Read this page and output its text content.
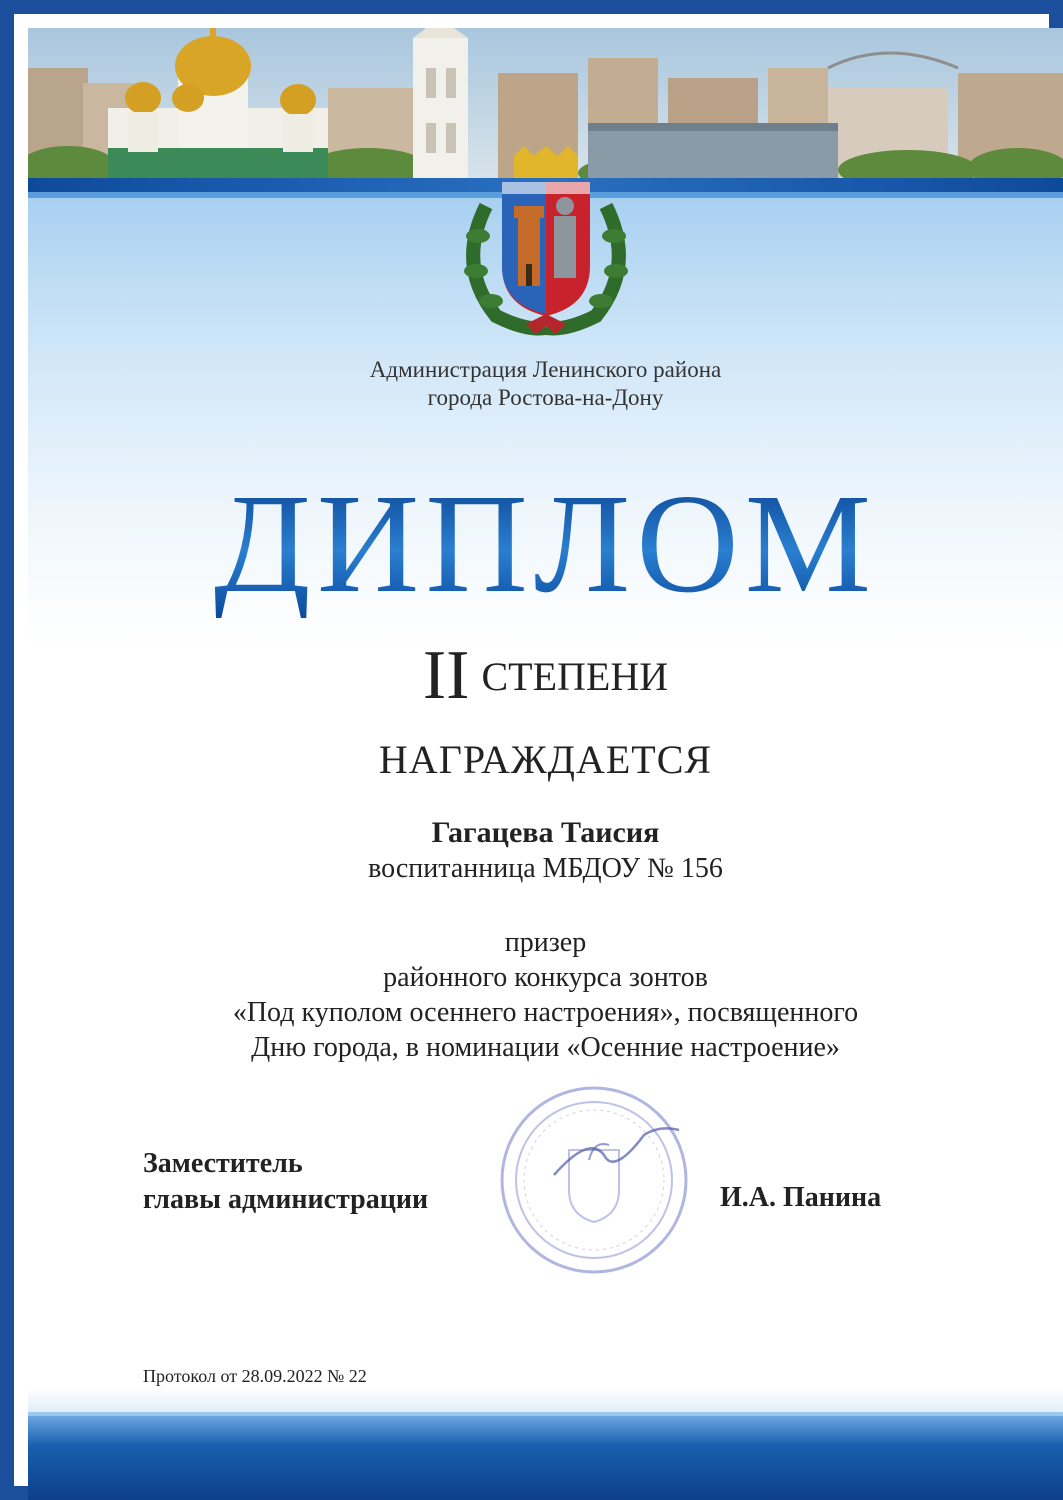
Администрация Ленинского района
города Ростова-на-Дону
ДИПЛОМ
II СТЕПЕНИ
НАГРАЖДАЕТСЯ
Гагацева Таисия
воспитанница МБДОУ № 156
призер
районного конкурса зонтов
«Под куполом осеннего настроения», посвященного
Дню города, в номинации «Осенние настроение»
Заместитель
главы администрации	И.А. Панина
Протокол от 28.09.2022 № 22
